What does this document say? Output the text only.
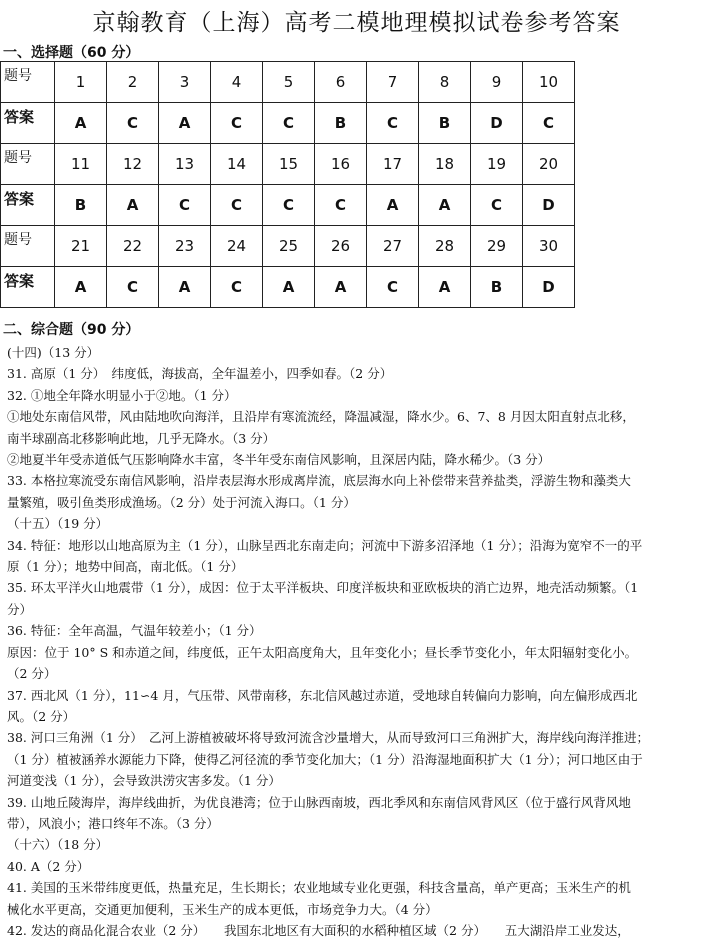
京翰教育（上海）高考二模地理模拟试卷参考答案
一、选择题（60 分）
题号	1	2	3	4	5	6	7	8	9	10
答案	A	C	A	C	C	B	C	B	D	C
题号	11	12	13	14	15	16	17	18	19	20
答案	B	A	C	C	C	C	A	A	C	D
题号	21	22	23	24	25	26	27	28	29	30
答案	A	C	A	C	A	A	C	A	B	D
二、综合题（90 分）

(十四)（13 分）

31. 高原（1 分）　纬度低，海拔高，全年温差小，四季如春。（2 分）

32. ①地全年降水明显小于②地。（1 分）

①地处东南信风带，风由陆地吹向海洋，且沿岸有寒流流经，降温减湿，降水少。6、7、8 月因太阳直射点北移，

南半球副高北移影响此地，几乎无降水。（3 分）

②地夏半年受赤道低气压影响降水丰富，冬半年受东南信风影响，且深居内陆，降水稀少。（3 分）

33. 本格拉寒流受东南信风影响，沿岸表层海水形成离岸流，底层海水向上补偿带来营养盐类，浮游生物和藻类大

量繁殖，吸引鱼类形成渔场。（2 分）处于河流入海口。（1 分）

（十五）（19 分）

34. 特征：地形以山地高原为主（1 分），山脉呈西北东南走向；河流中下游多沼泽地（1 分）；沿海为宽窄不一的平

原（1 分）；地势中间高，南北低。（1 分）

35. 环太平洋火山地震带（1 分），成因：位于太平洋板块、印度洋板块和亚欧板块的消亡边界，地壳活动频繁。（1

分）

36. 特征：全年高温，气温年较差小；（1 分）

原因：位于 10° S 和赤道之间，纬度低，正午太阳高度角大，且年变化小；昼长季节变化小，年太阳辐射变化小。

（2 分）

37. 西北风（1 分），11∽4 月，气压带、风带南移，东北信风越过赤道，受地球自转偏向力影响，向左偏形成西北

风。（2 分）

38. 河口三角洲（1 分）　乙河上游植被破坏将导致河流含沙量增大，从而导致河口三角洲扩大，海岸线向海洋推进；

（1 分）植被涵养水源能力下降，使得乙河径流的季节变化加大；（1 分）沿海湿地面积扩大（1 分）；河口地区由于

河道变浅（1 分），会导致洪涝灾害多发。（1 分）

39. 山地丘陵海岸，海岸线曲折，为优良港湾；位于山脉西南坡，西北季风和东南信风背风区（位于盛行风背风地

带），风浪小；港口终年不冻。（3 分）

（十六）（18 分）

40. A（2 分）

41. 美国的玉米带纬度更低，热量充足，生长期长；农业地域专业化更强，科技含量高，单产更高；玉米生产的机

械化水平更高，交通更加便利，玉米生产的成本更低，市场竞争力大。（4 分）

42. 发达的商品化混合农业（2 分）　　我国东北地区有大面积的水稻种植区域（2 分）　　五大湖沿岸工业发达，
